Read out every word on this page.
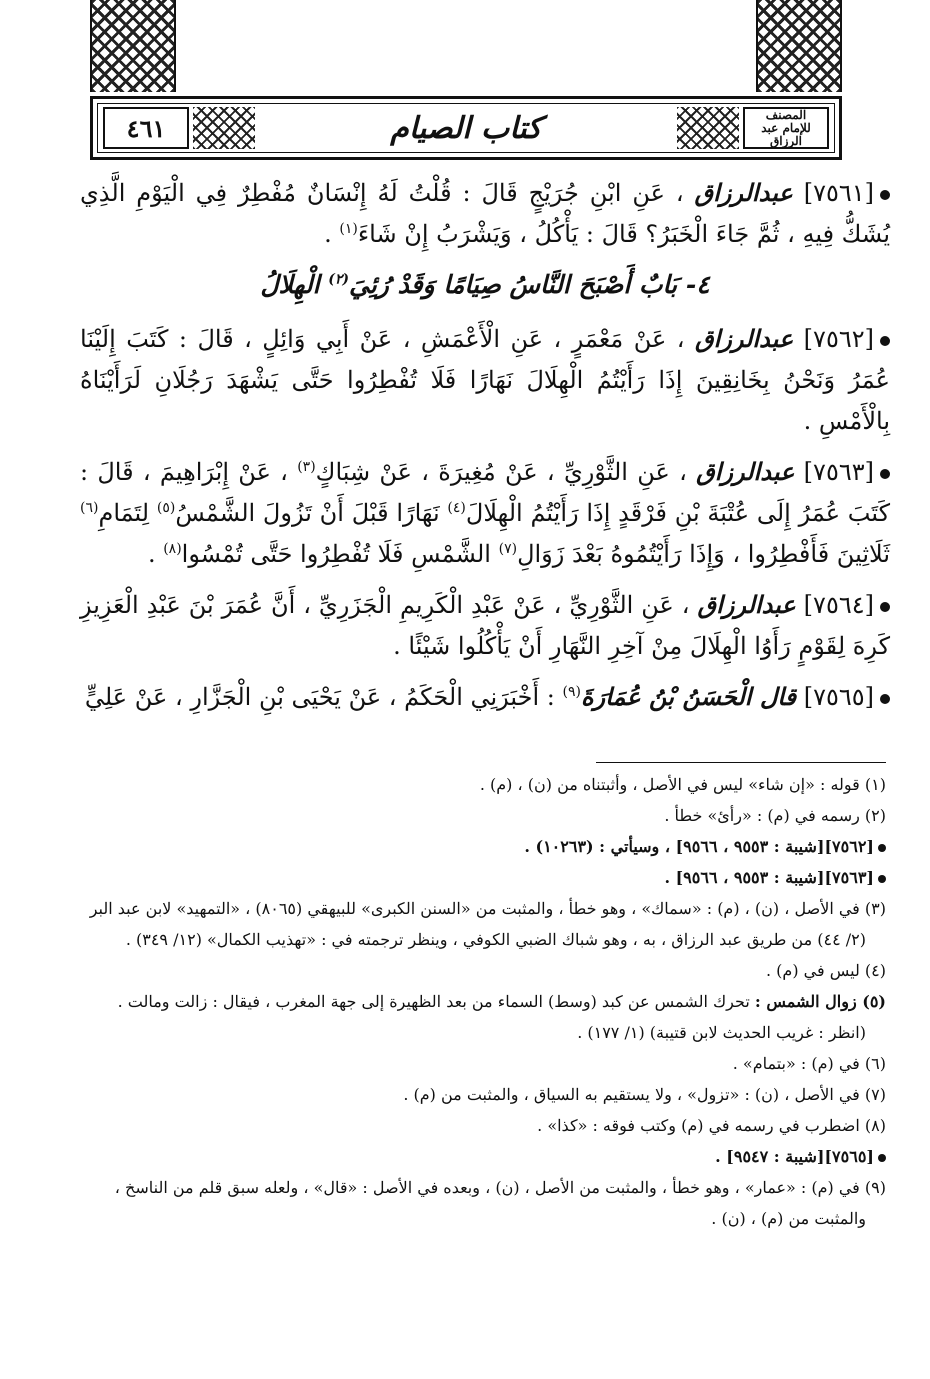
المصنف
للإمام عبد الرزاق
كتاب الصيام
٤٦١

[٧٥٦١] عبدالرزاق ، عَنِ ابْنِ جُرَيْجٍ قَالَ : قُلْتُ لَهُ إِنْسَانٌ مُفْطِرٌ فِي الْيَوْمِ الَّذِي يُشَكُّ فِيهِ ، ثُمَّ جَاءَ الْخَبَرُ؟ قَالَ : يَأْكُلُ ، وَيَشْرَبُ إِنْ شَاءَ$^{(١)}$ .

٤- بَابٌ أَصْبَحَ النَّاسُ صِيَامًا وَقَدْ رُئِيَ$^{(٢)}$ الْهِلَالُ

[٧٥٦٢] عبدالرزاق ، عَنْ مَعْمَرٍ ، عَنِ الْأَعْمَشِ ، عَنْ أَبِي وَائِلٍ ، قَالَ : كَتَبَ إِلَيْنَا عُمَرُ وَنَحْنُ بِخَانِقِينَ إِذَا رَأَيْتُمُ الْهِلَالَ نَهَارًا فَلَا تُفْطِرُوا حَتَّى يَشْهَدَ رَجُلَانِ لَرَأَيْنَاهُ بِالْأَمْسِ .

[٧٥٦٣] عبدالرزاق ، عَنِ الثَّوْرِيِّ ، عَنْ مُغِيرَةَ ، عَنْ شِبَاكٍ$^{(٣)}$ ، عَنْ إِبْرَاهِيمَ ، قَالَ : كَتَبَ عُمَرُ إِلَى عُتْبَةَ بْنِ فَرْقَدٍ إِذَا رَأَيْتُمُ الْهِلَالَ$^{(٤)}$ نَهَارًا قَبْلَ أَنْ تَزُولَ الشَّمْسُ$^{(٥)}$ لِتَمَامِ$^{(٦)}$ ثَلَاثِينَ فَأَفْطِرُوا ، وَإِذَا رَأَيْتُمُوهُ بَعْدَ زَوَالِ$^{(٧)}$ الشَّمْسِ فَلَا تُفْطِرُوا حَتَّى تُمْسُوا$^{(٨)}$ .

[٧٥٦٤] عبدالرزاق ، عَنِ الثَّوْرِيِّ ، عَنْ عَبْدِ الْكَرِيمِ الْجَزَرِيِّ ، أَنَّ عُمَرَ بْنَ عَبْدِ الْعَزِيزِ كَرِهَ لِقَوْمٍ رَأَوُا الْهِلَالَ مِنْ آخِرِ النَّهَارِ أَنْ يَأْكُلُوا شَيْئًا .

[٧٥٦٥] قال الْحَسَنُ بْنُ عُمَارَةَ$^{(٩)}$ : أَخْبَرَنِي الْحَكَمُ ، عَنْ يَحْيَى بْنِ الْجَزَّارِ ، عَنْ عَلِيٍّ

(١) قوله : «إن شاء» ليس في الأصل ، وأثبتناه من (ن) ، (م) .

(٢) رسمه في (م) : «رأئ» خطأ .

[٧٥٦٢][شيبة : ٩٥٥٣ ، ٩٥٦٦] ، وسيأتي : (١٠٢٦٣) .

[٧٥٦٣][شيبة : ٩٥٥٣ ، ٩٥٦٦] .

(٣) في الأصل ، (ن) ، (م) : «سماك» ، وهو خطأ ، والمثبت من «السنن الكبرى» للبيهقي (٨٠٦٥) ، «التمهيد» لابن عبد البر (٢/ ٤٤) من طريق عبد الرزاق ، به ، وهو شباك الضبي الكوفي ، وينظر ترجمته في : «تهذيب الكمال» (١٢/ ٣٤٩) .

(٤) ليس في (م) .

(٥) زوال الشمس : تحرك الشمس عن كبد (وسط) السماء من بعد الظهيرة إلى جهة المغرب ، فيقال : زالت ومالت . (انظر : غريب الحديث لابن قتيبة) (١/ ١٧٧) .

(٦) في (م) : «بتمام» .

(٧) في الأصل ، (ن) : «تزول» ، ولا يستقيم به السياق ، والمثبت من (م) .

(٨) اضطرب في رسمه في (م) وكتب فوقه : «كذا» .

[٧٥٦٥][شيبة : ٩٥٤٧] .

(٩) في (م) : «عمار» ، وهو خطأ ، والمثبت من الأصل ، (ن) ، وبعده في الأصل : «قال» ، ولعله سبق قلم من الناسخ ، والمثبت من (م) ، (ن) .
